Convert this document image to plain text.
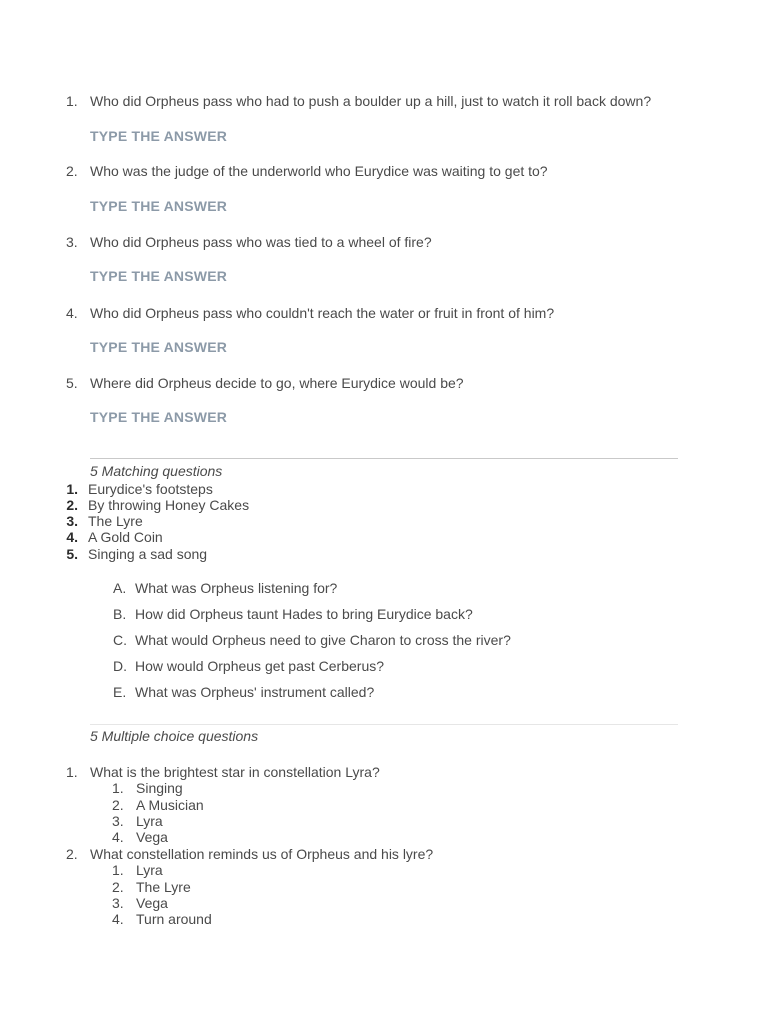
1. Who did Orpheus pass who had to push a boulder up a hill, just to watch it roll back down?
TYPE THE ANSWER
2. Who was the judge of the underworld who Eurydice was waiting to get to?
TYPE THE ANSWER
3. Who did Orpheus pass who was tied to a wheel of fire?
TYPE THE ANSWER
4. Who did Orpheus pass who couldn't reach the water or fruit in front of him?
TYPE THE ANSWER
5. Where did Orpheus decide to go, where Eurydice would be?
TYPE THE ANSWER
5 Matching questions
1. Eurydice's footsteps
2. By throwing Honey Cakes
3. The Lyre
4. A Gold Coin
5. Singing a sad song
A. What was Orpheus listening for?
B. How did Orpheus taunt Hades to bring Eurydice back?
C. What would Orpheus need to give Charon to cross the river?
D. How would Orpheus get past Cerberus?
E. What was Orpheus' instrument called?
5 Multiple choice questions
1. What is the brightest star in constellation Lyra?
1. Singing
2. A Musician
3. Lyra
4. Vega
2. What constellation reminds us of Orpheus and his lyre?
1. Lyra
2. The Lyre
3. Vega
4. Turn around
